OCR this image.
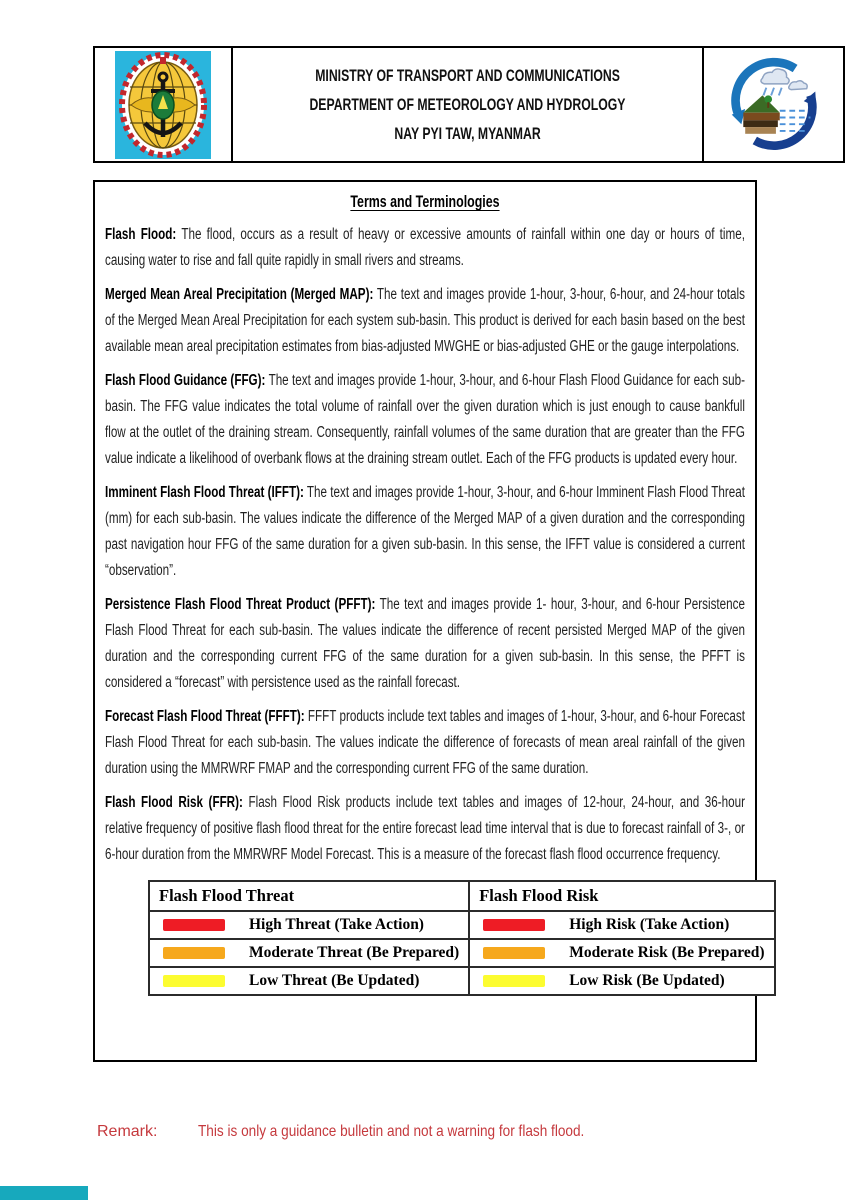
MINISTRY OF TRANSPORT AND COMMUNICATIONS
DEPARTMENT OF METEOROLOGY AND HYDROLOGY
NAY PYI TAW, MYANMAR

Terms and Terminologies

Flash Flood: The flood, occurs as a result of heavy or excessive amounts of rainfall within one day or hours of time, causing water to rise and fall quite rapidly in small rivers and streams.

Merged Mean Areal Precipitation (Merged MAP): The text and images provide 1-hour, 3-hour, 6-hour, and 24-hour totals of the Merged Mean Areal Precipitation for each system sub-basin. This product is derived for each basin based on the best available mean areal precipitation estimates from bias-adjusted MWGHE or bias-adjusted GHE or the gauge interpolations.

Flash Flood Guidance (FFG): The text and images provide 1-hour, 3-hour, and 6-hour Flash Flood Guidance for each sub-basin. The FFG value indicates the total volume of rainfall over the given duration which is just enough to cause bankfull flow at the outlet of the draining stream. Consequently, rainfall volumes of the same duration that are greater than the FFG value indicate a likelihood of overbank flows at the draining stream outlet. Each of the FFG products is updated every hour.

Imminent Flash Flood Threat (IFFT): The text and images provide 1-hour, 3-hour, and 6-hour Imminent Flash Flood Threat (mm) for each sub-basin. The values indicate the difference of the Merged MAP of a given duration and the corresponding past navigation hour FFG of the same duration for a given sub-basin. In this sense, the IFFT value is considered a current “observation”.

Persistence Flash Flood Threat Product (PFFT): The text and images provide 1- hour, 3-hour, and 6-hour Persistence Flash Flood Threat for each sub-basin. The values indicate the difference of recent persisted Merged MAP of the given duration and the corresponding current FFG of the same duration for a given sub-basin. In this sense, the PFFT is considered a “forecast” with persistence used as the rainfall forecast.

Forecast Flash Flood Threat (FFFT): FFFT products include text tables and images of 1-hour, 3-hour, and 6-hour Forecast Flash Flood Threat for each sub-basin. The values indicate the difference of forecasts of mean areal rainfall of the given duration using the MMRWRF FMAP and the corresponding current FFG of the same duration.

Flash Flood Risk (FFR): Flash Flood Risk products include text tables and images of 12-hour, 24-hour, and 36-hour relative frequency of positive flash flood threat for the entire forecast lead time interval that is due to forecast rainfall of 3-, or 6-hour duration from the MMRWRF Model Forecast. This is a measure of the forecast flash flood occurrence frequency.

Flash Flood Threat	Flash Flood Risk

High Threat (Take Action)	High Risk (Take Action)

Moderate Threat (Be Prepared)	Moderate Risk (Be Prepared)

Low Threat (Be Updated)	Low Risk (Be Updated)
Remark:	This is only a guidance bulletin and not a warning for flash flood.
